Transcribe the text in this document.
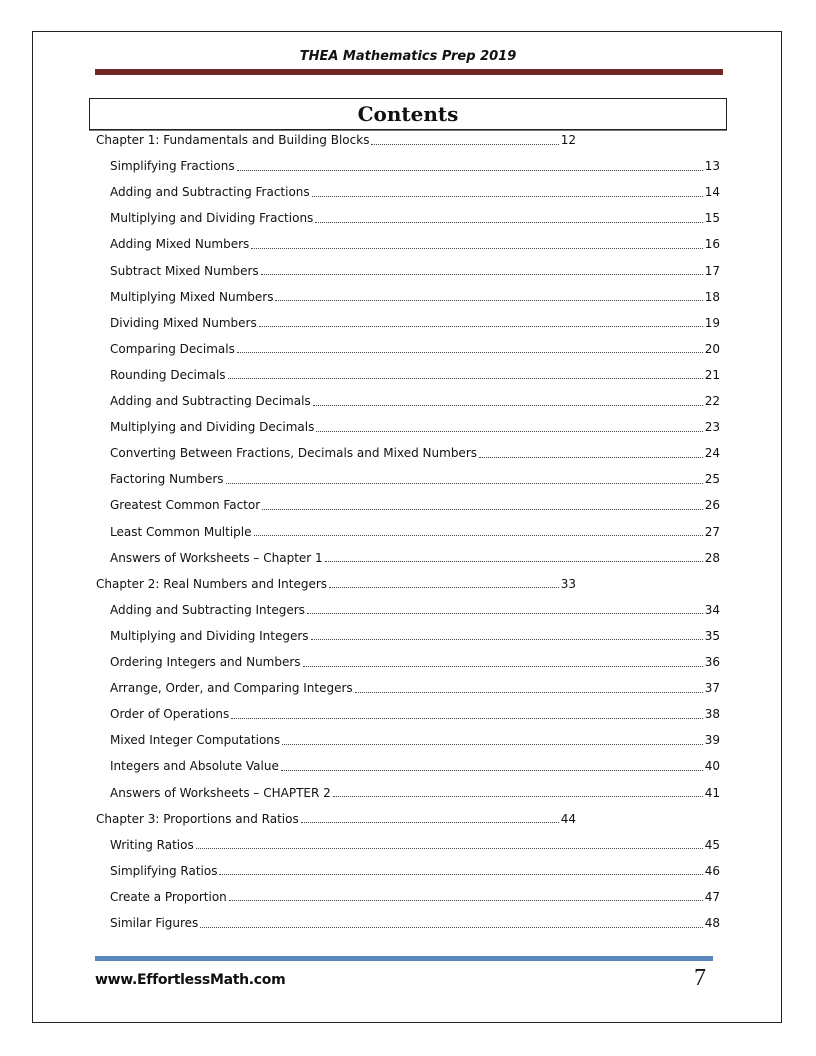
THEA Mathematics Prep 2019
Contents
Chapter 1: Fundamentals and Building Blocks	12
Simplifying Fractions	13
Adding and Subtracting Fractions	14
Multiplying and Dividing Fractions	15
Adding Mixed Numbers	16
Subtract Mixed Numbers	17
Multiplying Mixed Numbers	18
Dividing Mixed Numbers	19
Comparing Decimals	20
Rounding Decimals	21
Adding and Subtracting Decimals	22
Multiplying and Dividing Decimals	23
Converting Between Fractions, Decimals and Mixed Numbers	24
Factoring Numbers	25
Greatest Common Factor	26
Least Common Multiple	27
Answers of Worksheets – Chapter 1	28
Chapter 2: Real Numbers and Integers	33
Adding and Subtracting Integers	34
Multiplying and Dividing Integers	35
Ordering Integers and Numbers	36
Arrange, Order, and Comparing Integers	37
Order of Operations	38
Mixed Integer Computations	39
Integers and Absolute Value	40
Answers of Worksheets – CHAPTER 2	41
Chapter 3: Proportions and Ratios	44
Writing Ratios	45
Simplifying Ratios	46
Create a Proportion	47
Similar Figures	48
www.EffortlessMath.com	7
